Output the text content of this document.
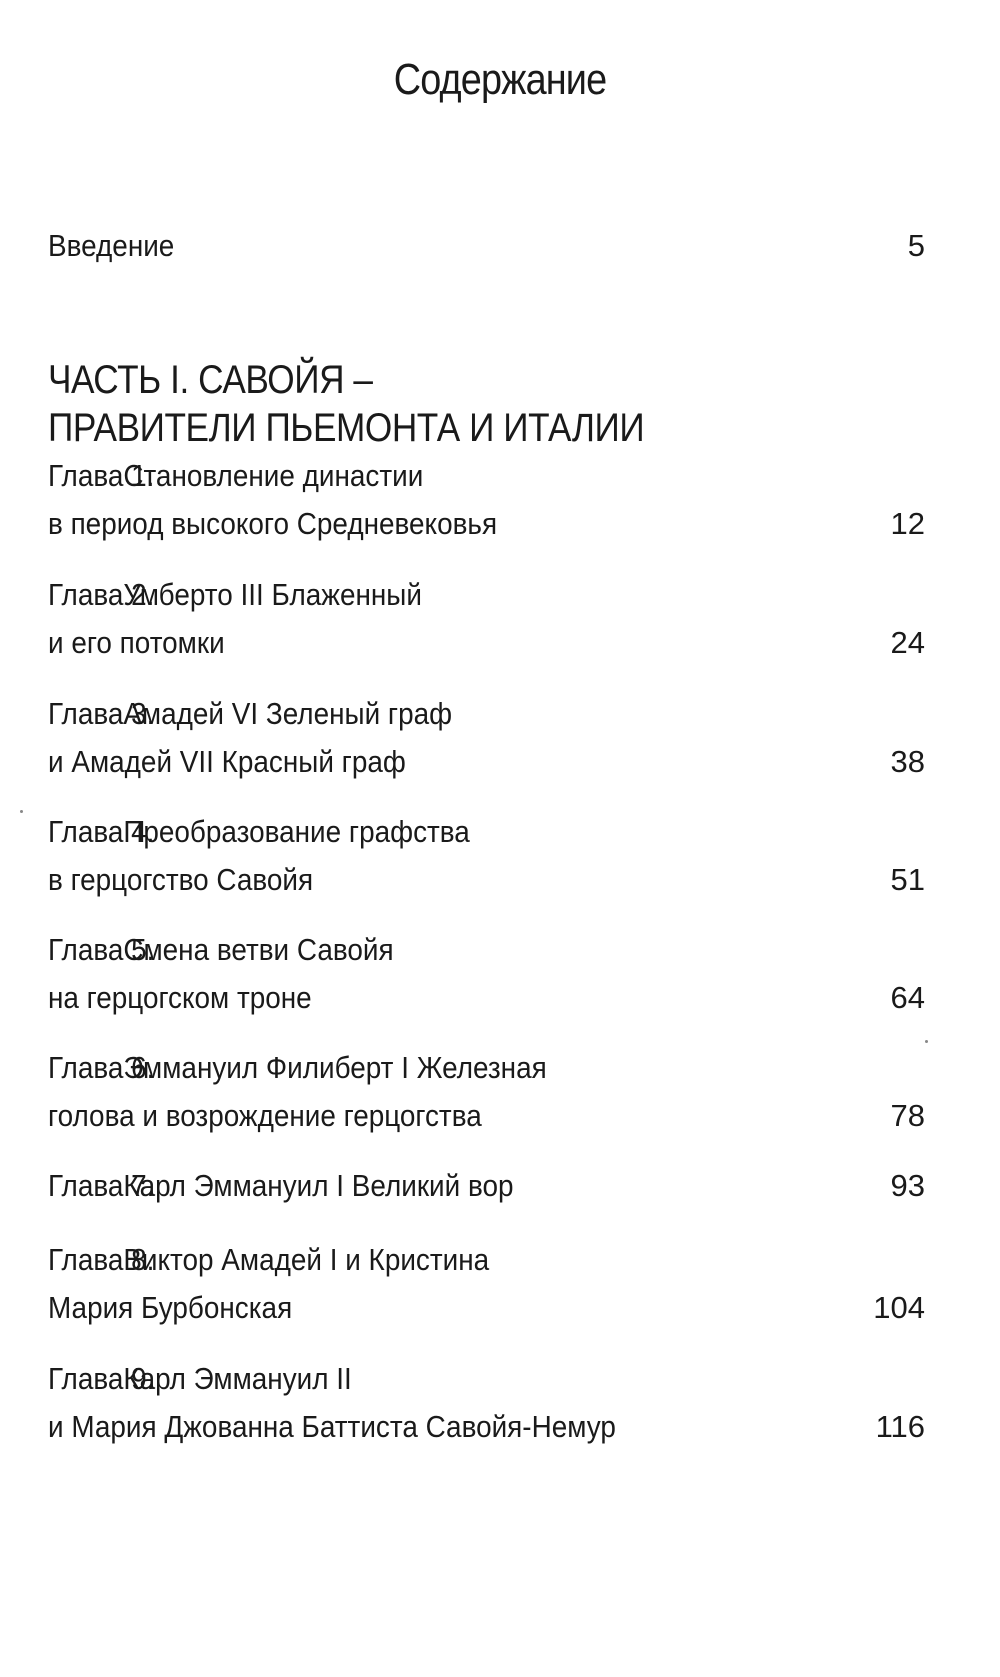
Содержание
Введение	5
ЧАСТЬ I. САВОЙЯ –
ПРАВИТЕЛИ ПЬЕМОНТА И ИТАЛИИ
Глава 1.Становление династии
в период высокого Средневековья	12
Глава 2.Умберто III Блаженный
и его потомки	24
Глава 3.Амадей VI Зеленый граф
и Амадей VII Красный граф	38
Глава 4.Преобразование графства
в герцогство Савойя	51
Глава 5.Смена ветви Савойя
на герцогском троне	64
Глава 6.Эммануил Филиберт I Железная
голова и возрождение герцогства	78
Глава 7.Карл Эммануил I Великий вор	93
Глава 8.Виктор Амадей I и Кристина
Мария Бурбонская	104
Глава 9.Карл Эммануил II
и Мария Джованна Баттиста Савойя-Немур	116
